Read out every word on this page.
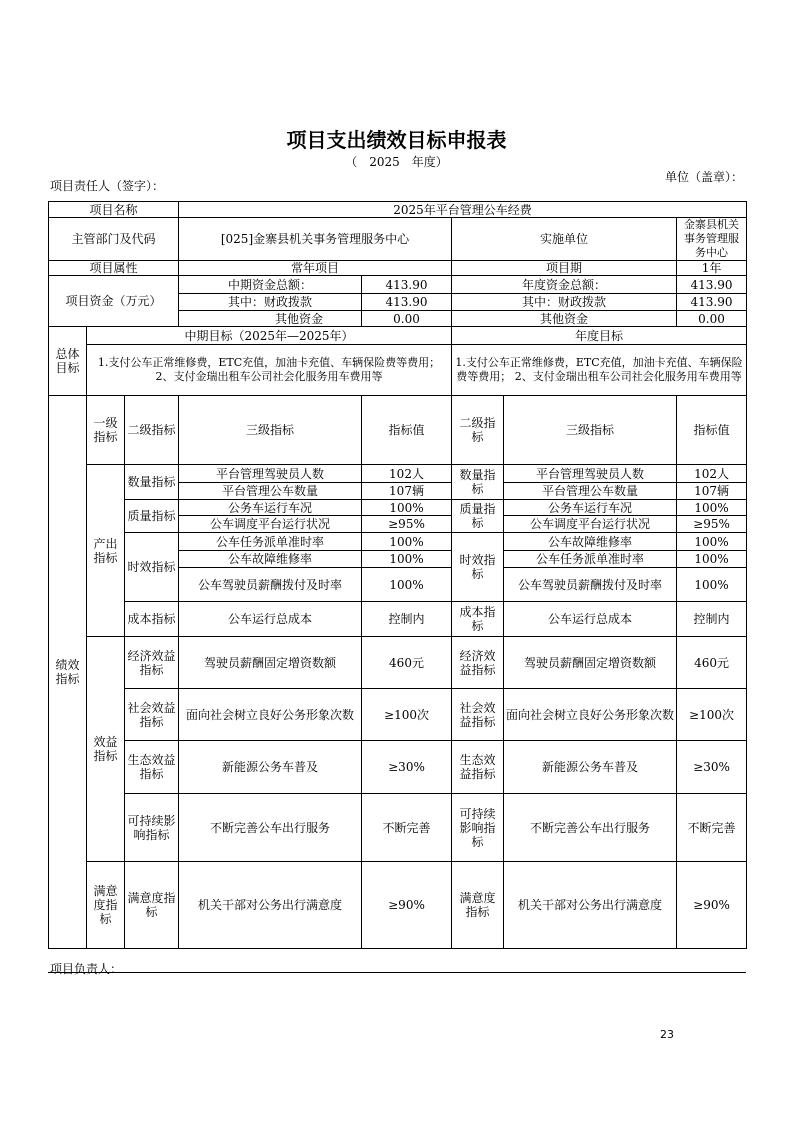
项目支出绩效目标申报表
（ 2025 年度）
项目责任人（签字）：
单位（盖章）：
项目名称			2025年平台管理公车经费				
主管部门及代码			[025]金寨县机关事务管理服务中心		实施单位		金寨县机关事务管理服务中心
项目属性			常年项目		项目期		1年
项目资金（万元）			中期资金总额：	413.90	年度资金总额：		413.90
			其中：财政拨款	413.90	其中：财政拨款		413.90
			其他资金	0.00	其他资金		0.00
总体目标	中期目标（2025年—2025年）				年度目标		
	1.支付公车正常维修费，ETC充值，加油卡充值、车辆保险费等费用； 2、支付金瑞出租车公司社会化服务用车费用等				1.支付公车正常维修费，ETC充值，加油卡充值、车辆保险费等费用； 2、支付金瑞出租车公司社会化服务用车费用等		
绩效指标	一级指标	二级指标	三级指标	指标值	二级指标	三级指标	指标值
	产出指标	数量指标	平台管理驾驶员人数	102人	数量指标	平台管理驾驶员人数	102人
			平台管理公车数量	107辆		平台管理公车数量	107辆
		质量指标	公务车运行车况	100%	质量指标	公务车运行车况	100%
			公车调度平台运行状况	≥95%		公车调度平台运行状况	≥95%
		时效指标	公车任务派单准时率	100%	时效指标	公车故障维修率	100%
			公车故障维修率	100%		公车任务派单准时率	100%
			公车驾驶员薪酬拨付及时率	100%		公车驾驶员薪酬拨付及时率	100%
		成本指标	公车运行总成本	控制内	成本指标	公车运行总成本	控制内
	效益指标	经济效益指标	驾驶员薪酬固定增资数额	460元	经济效益指标	驾驶员薪酬固定增资数额	460元
		社会效益指标	面向社会树立良好公务形象次数	≥100次	社会效益指标	面向社会树立良好公务形象次数	≥100次
		生态效益指标	新能源公务车普及	≥30%	生态效益指标	新能源公务车普及	≥30%
		可持续影响指标	不断完善公车出行服务	不断完善	可持续影响指标	不断完善公车出行服务	不断完善
	满意度指标	满意度指标	机关干部对公务出行满意度	≥90%	满意度指标	机关干部对公务出行满意度	≥90%
项目负责人：
23
